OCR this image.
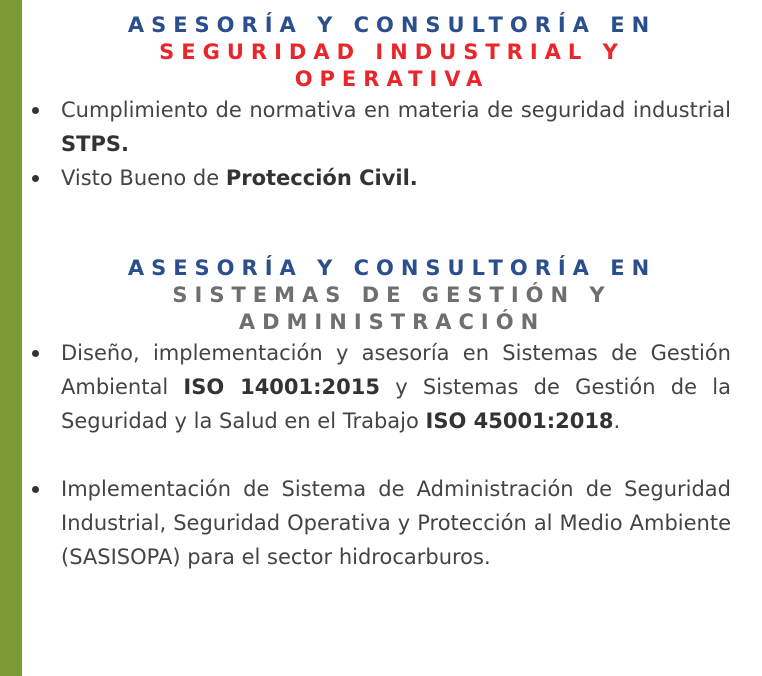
ASESORÍA Y CONSULTORÍA EN
SEGURIDAD INDUSTRIAL Y
OPERATIVA
Cumplimiento de normativa en materia de seguridad industrial STPS.
Visto Bueno de Protección Civil.
ASESORÍA Y CONSULTORÍA EN
SISTEMAS DE GESTIÓN Y
ADMINISTRACIÓN
Diseño, implementación y asesoría en Sistemas de Gestión Ambiental ISO 14001:2015 y Sistemas de Gestión de la Seguridad y la Salud en el Trabajo ISO 45001:2018.
Implementación de Sistema de Administración de Seguridad Industrial, Seguridad Operativa y Protección al Medio Ambiente (SASISOPA) para el sector hidrocarburos.
